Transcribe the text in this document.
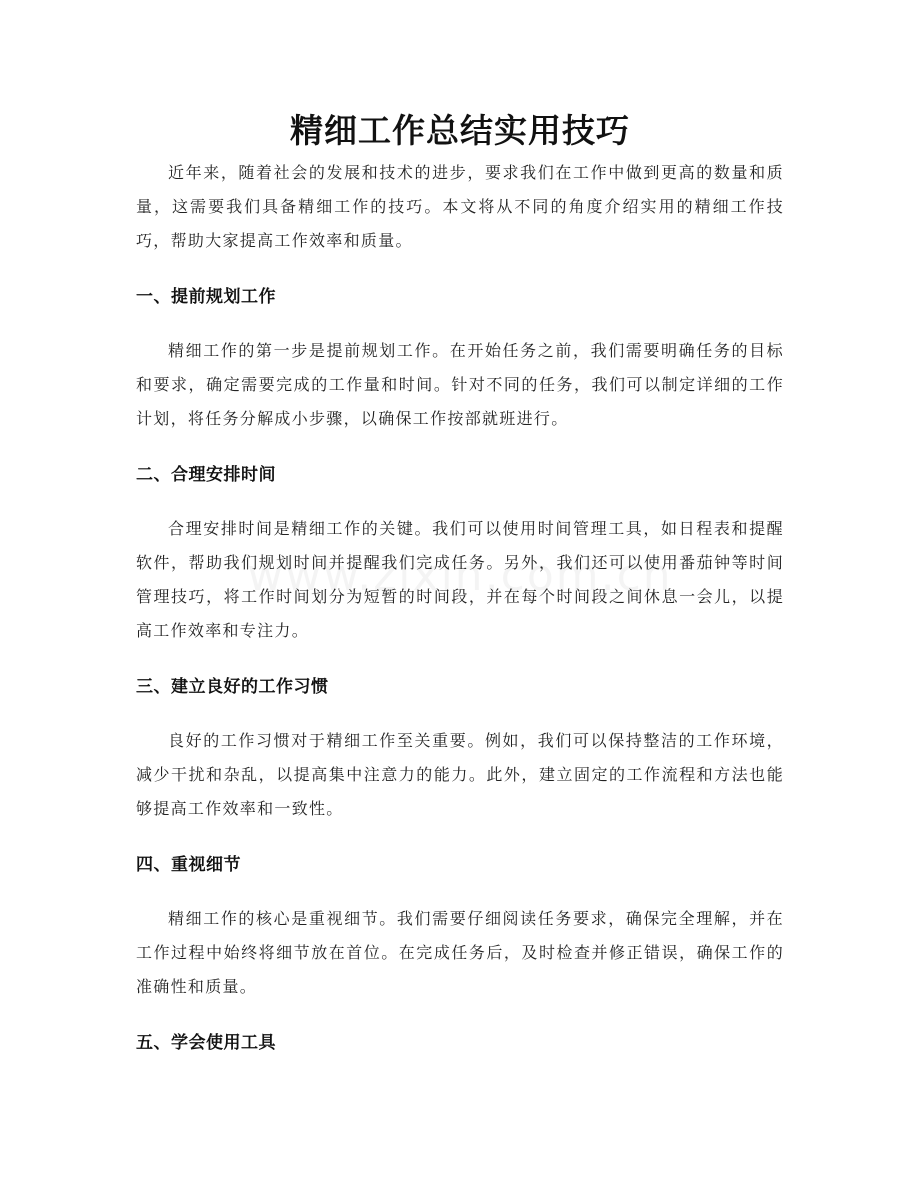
精细工作总结实用技巧

近年来，随着社会的发展和技术的进步，要求我们在工作中做到更高的数量和质量，这需要我们具备精细工作的技巧。本文将从不同的角度介绍实用的精细工作技巧，帮助大家提高工作效率和质量。

一、提前规划工作

精细工作的第一步是提前规划工作。在开始任务之前，我们需要明确任务的目标和要求，确定需要完成的工作量和时间。针对不同的任务，我们可以制定详细的工作计划，将任务分解成小步骤，以确保工作按部就班进行。

二、合理安排时间

合理安排时间是精细工作的关键。我们可以使用时间管理工具，如日程表和提醒软件，帮助我们规划时间并提醒我们完成任务。另外，我们还可以使用番茄钟等时间管理技巧，将工作时间划分为短暂的时间段，并在每个时间段之间休息一会儿，以提高工作效率和专注力。

三、建立良好的工作习惯

良好的工作习惯对于精细工作至关重要。例如，我们可以保持整洁的工作环境，减少干扰和杂乱，以提高集中注意力的能力。此外，建立固定的工作流程和方法也能够提高工作效率和一致性。

四、重视细节

精细工作的核心是重视细节。我们需要仔细阅读任务要求，确保完全理解，并在工作过程中始终将细节放在首位。在完成任务后，及时检查并修正错误，确保工作的准确性和质量。

五、学会使用工具
